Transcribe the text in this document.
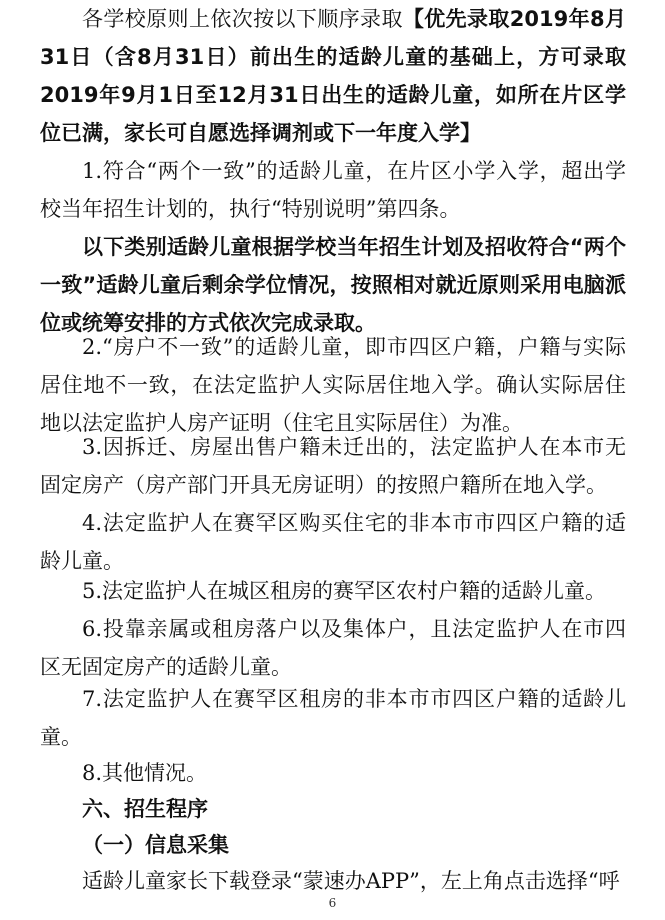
各学校原则上依次按以下顺序录取【优先录取2019年8月31日（含8月31日）前出生的适龄儿童的基础上，方可录取2019年9月1日至12月31日出生的适龄儿童，如所在片区学位已满，家长可自愿选择调剂或下一年度入学】

1.符合“两个一致”的适龄儿童，在片区小学入学，超出学校当年招生计划的，执行“特别说明”第四条。

以下类别适龄儿童根据学校当年招生计划及招收符合“两个一致”适龄儿童后剩余学位情况，按照相对就近原则采用电脑派位或统筹安排的方式依次完成录取。

2.“房户不一致”的适龄儿童，即市四区户籍，户籍与实际居住地不一致，在法定监护人实际居住地入学。确认实际居住地以法定监护人房产证明（住宅且实际居住）为准。

3.因拆迁、房屋出售户籍未迁出的，法定监护人在本市无固定房产（房产部门开具无房证明）的按照户籍所在地入学。

4.法定监护人在赛罕区购买住宅的非本市市四区户籍的适龄儿童。

5.法定监护人在城区租房的赛罕区农村户籍的适龄儿童。

6.投靠亲属或租房落户以及集体户，且法定监护人在市四区无固定房产的适龄儿童。

7.法定监护人在赛罕区租房的非本市市四区户籍的适龄儿童。

8.其他情况。

六、招生程序

（一）信息采集

适龄儿童家长下载登录“蒙速办APP”，左上角点击选择“呼

6
